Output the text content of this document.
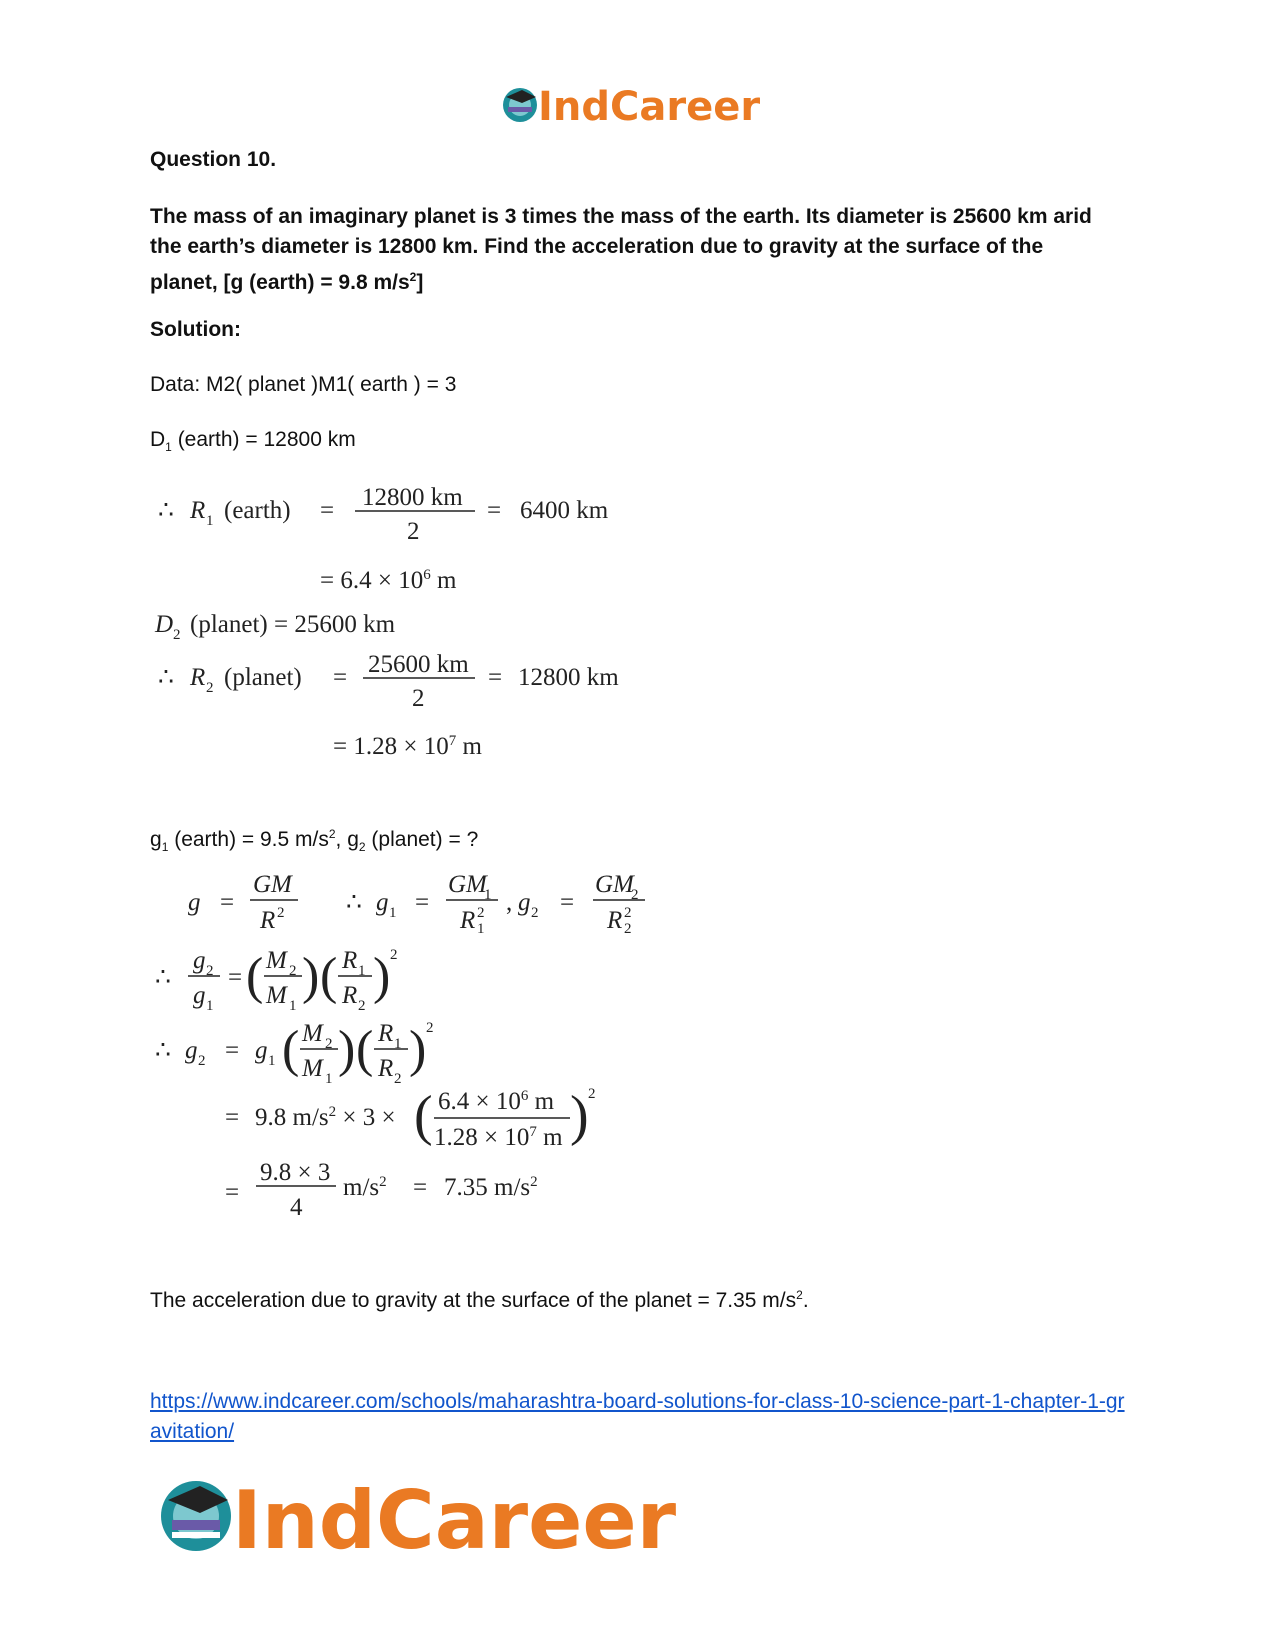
IndCareer
Question 10.
The mass of an imaginary planet is 3 times the mass of the earth. Its diameter is 25600 km arid the earth’s diameter is 12800 km. Find the acceleration due to gravity at the surface of the planet, [g (earth) = 9.8 $m/s^2$]
Solution:
Data: M2( planet )M1( earth ) = 3
$D_1$ (earth) = 12800 km
∴ R 1 (earth) = 12800 km
2
= 6400 km
= $6.4 \times 10^6$ m
D 2 (planet) = 25600 km
∴ R 2 (planet) = 25600 km
2
= 12800 km
= $1.28 \times 10^7$ m
$g_1$ (earth) = 9.5 $m/s^2$, $g_2$ (planet) = ?
g =
GM
R 2 ∴ g 1 =
GM
1
R 2
1
, g 2 =
GM
2
R 2
2
∴
g 2
g 1
= ( M 2
M 1
) ( R 1
R 2
) 2
∴ g 2 = g 1 ( M 2
M 1
) ( R 1
R 2
) 2
= 9.8 $m/s^2 \times 3$ × ( $6.4 \times 10^6$ m
$1.28 \times 10^7$ m ) 2
=
9.8 × 3
4
$m/s^2 = 7.35$ $m/s^2$
The acceleration due to gravity at the surface of the planet = 7.35 $m/s^2$.
https://www.indcareer.com/schools/maharashtra-board-solutions-for-class-10-science-part-1-chapter-1-gravitation/
IndCareer
